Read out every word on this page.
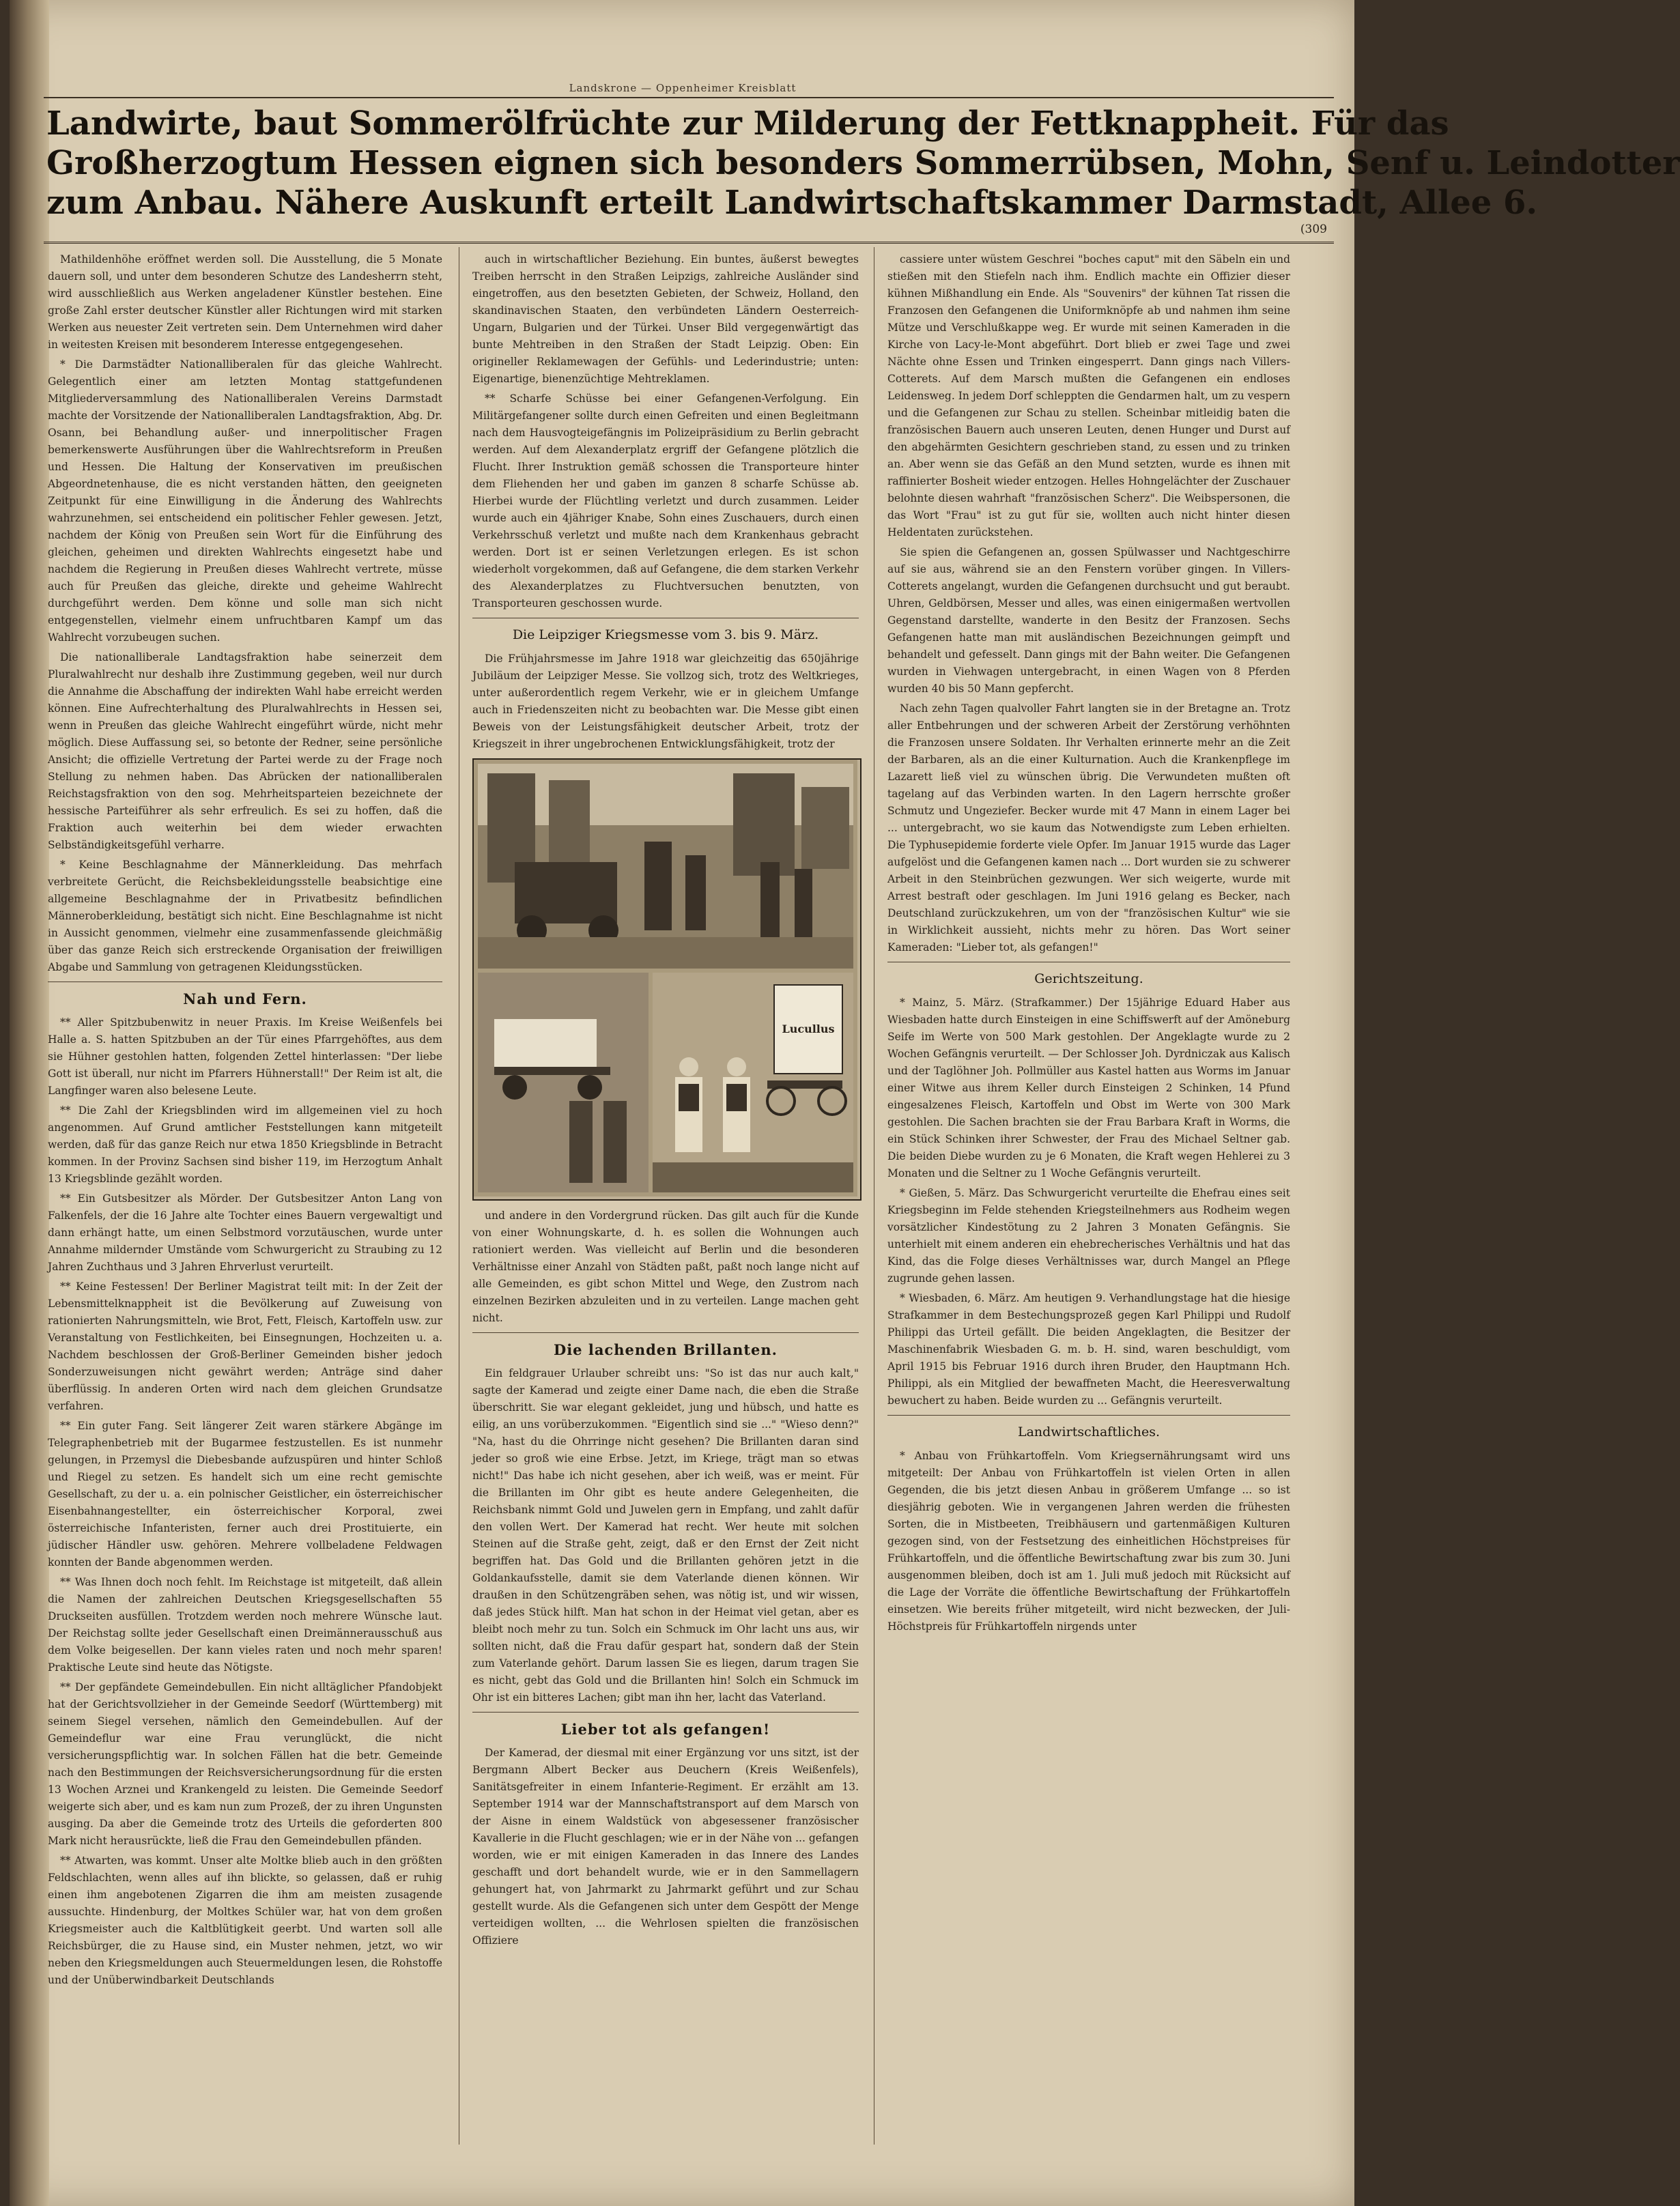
Landskrone — Oppenheimer Kreisblatt
Landwirte, baut Sommerölfrüchte zur Milderung der Fettknappheit. Für das
Großherzogtum Hessen eignen sich besonders Sommerrübsen, Mohn, Senf u. Leindotter
zum Anbau. Nähere Auskunft erteilt Landwirtschaftskammer Darmstadt, Allee 6.
(309

Mathildenhöhe eröffnet werden soll. Die Ausstellung, die 5 Monate dauern soll, und unter dem besonderen Schutze des Landesherrn steht, wird ausschließlich aus Werken angeladener Künstler bestehen. Eine große Zahl erster deutscher Künstler aller Richtungen wird mit starken Werken aus neuester Zeit vertreten sein. Dem Unternehmen wird daher in weitesten Kreisen mit besonderem Interesse entgegengesehen.

* Die Darmstädter Nationalliberalen für das gleiche Wahlrecht. Gelegentlich einer am letzten Montag stattgefundenen Mitgliederversammlung des Nationalliberalen Vereins Darmstadt machte der Vorsitzende der Nationalliberalen Landtagsfraktion, Abg. Dr. Osann, bei Behandlung außer- und innerpolitischer Fragen bemerkenswerte Ausführungen über die Wahlrechtsreform in Preußen und Hessen. Die Haltung der Konservativen im preußischen Abgeordnetenhause, die es nicht verstanden hätten, den geeigneten Zeitpunkt für eine Einwilligung in die Änderung des Wahlrechts wahrzunehmen, sei entscheidend ein politischer Fehler gewesen. Jetzt, nachdem der König von Preußen sein Wort für die Einführung des gleichen, geheimen und direkten Wahlrechts eingesetzt habe und nachdem die Regierung in Preußen dieses Wahlrecht vertrete, müsse auch für Preußen das gleiche, direkte und geheime Wahlrecht durchgeführt werden. Dem könne und solle man sich nicht entgegenstellen, vielmehr einem unfruchtbaren Kampf um das Wahlrecht vorzubeugen suchen.

Die nationalliberale Landtagsfraktion habe seinerzeit dem Pluralwahlrecht nur deshalb ihre Zustimmung gegeben, weil nur durch die Annahme die Abschaffung der indirekten Wahl habe erreicht werden können. Eine Aufrechterhaltung des Pluralwahlrechts in Hessen sei, wenn in Preußen das gleiche Wahlrecht eingeführt würde, nicht mehr möglich. Diese Auffassung sei, so betonte der Redner, seine persönliche Ansicht; die offizielle Vertretung der Partei werde zu der Frage noch Stellung zu nehmen haben. Das Abrücken der nationalliberalen Reichstagsfraktion von den sog. Mehrheitsparteien bezeichnete der hessische Parteiführer als sehr erfreulich. Es sei zu hoffen, daß die Fraktion auch weiterhin bei dem wieder erwachten Selbständigkeitsgefühl verharre.

* Keine Beschlagnahme der Männerkleidung. Das mehrfach verbreitete Gerücht, die Reichsbekleidungsstelle beabsichtige eine allgemeine Beschlagnahme der in Privatbesitz befindlichen Männeroberkleidung, bestätigt sich nicht. Eine Beschlagnahme ist nicht in Aussicht genommen, vielmehr eine zusammenfassende gleichmäßig über das ganze Reich sich erstreckende Organisation der freiwilligen Abgabe und Sammlung von getragenen Kleidungsstücken.

Nah und Fern.

** Aller Spitzbubenwitz in neuer Praxis. Im Kreise Weißenfels bei Halle a. S. hatten Spitzbuben an der Tür eines Pfarrgehöftes, aus dem sie Hühner gestohlen hatten, folgenden Zettel hinterlassen: "Der liebe Gott ist überall, nur nicht im Pfarrers Hühnerstall!" Der Reim ist alt, die Langfinger waren also belesene Leute.

** Die Zahl der Kriegsblinden wird im allgemeinen viel zu hoch angenommen. Auf Grund amtlicher Feststellungen kann mitgeteilt werden, daß für das ganze Reich nur etwa 1850 Kriegsblinde in Betracht kommen. In der Provinz Sachsen sind bisher 119, im Herzogtum Anhalt 13 Kriegsblinde gezählt worden.

** Ein Gutsbesitzer als Mörder. Der Gutsbesitzer Anton Lang von Falkenfels, der die 16 Jahre alte Tochter eines Bauern vergewaltigt und dann erhängt hatte, um einen Selbstmord vorzutäuschen, wurde unter Annahme mildernder Umstände vom Schwurgericht zu Straubing zu 12 Jahren Zuchthaus und 3 Jahren Ehrverlust verurteilt.

** Keine Festessen! Der Berliner Magistrat teilt mit: In der Zeit der Lebensmittelknappheit ist die Bevölkerung auf Zuweisung von rationierten Nahrungsmitteln, wie Brot, Fett, Fleisch, Kartoffeln usw. zur Veranstaltung von Festlichkeiten, bei Einsegnungen, Hochzeiten u. a. Nachdem beschlossen der Groß-Berliner Gemeinden bisher jedoch Sonderzuweisungen nicht gewährt werden; Anträge sind daher überflüssig. In anderen Orten wird nach dem gleichen Grundsatze verfahren.

** Ein guter Fang. Seit längerer Zeit waren stärkere Abgänge im Telegraphenbetrieb mit der Bugarmee festzustellen. Es ist nunmehr gelungen, in Przemysl die Diebesbande aufzuspüren und hinter Schloß und Riegel zu setzen. Es handelt sich um eine recht gemischte Gesellschaft, zu der u. a. ein polnischer Geistlicher, ein österreichischer Eisenbahnangestellter, ein österreichischer Korporal, zwei österreichische Infanteristen, ferner auch drei Prostituierte, ein jüdischer Händler usw. gehören. Mehrere vollbeladene Feldwagen konnten der Bande abgenommen werden.

** Was Ihnen doch noch fehlt. Im Reichstage ist mitgeteilt, daß allein die Namen der zahlreichen Deutschen Kriegsgesellschaften 55 Druckseiten ausfüllen. Trotzdem werden noch mehrere Wünsche laut. Der Reichstag sollte jeder Gesellschaft einen Dreimännerausschuß aus dem Volke beigesellen. Der kann vieles raten und noch mehr sparen! Praktische Leute sind heute das Nötigste.

** Der gepfändete Gemeindebullen. Ein nicht alltäglicher Pfandobjekt hat der Gerichtsvollzieher in der Gemeinde Seedorf (Württemberg) mit seinem Siegel versehen, nämlich den Gemeindebullen. Auf der Gemeindeflur war eine Frau verunglückt, die nicht versicherungspflichtig war. In solchen Fällen hat die betr. Gemeinde nach den Bestimmungen der Reichsversicherungsordnung für die ersten 13 Wochen Arznei und Krankengeld zu leisten. Die Gemeinde Seedorf weigerte sich aber, und es kam nun zum Prozeß, der zu ihren Ungunsten ausging. Da aber die Gemeinde trotz des Urteils die geforderten 800 Mark nicht herausrückte, ließ die Frau den Gemeindebullen pfänden.

** Atwarten, was kommt. Unser alte Moltke blieb auch in den größten Feldschlachten, wenn alles auf ihn blickte, so gelassen, daß er ruhig einen ihm angebotenen Zigarren die ihm am meisten zusagende aussuchte. Hindenburg, der Moltkes Schüler war, hat von dem großen Kriegsmeister auch die Kaltblütigkeit geerbt. Und warten soll alle Reichsbürger, die zu Hause sind, ein Muster nehmen, jetzt, wo wir neben den Kriegsmeldungen auch Steuermeldungen lesen, die Rohstoffe und der Unüberwindbarkeit Deutschlands

auch in wirtschaftlicher Beziehung. Ein buntes, äußerst bewegtes Treiben herrscht in den Straßen Leipzigs, zahlreiche Ausländer sind eingetroffen, aus den besetzten Gebieten, der Schweiz, Holland, den skandinavischen Staaten, den verbündeten Ländern Oesterreich-Ungarn, Bulgarien und der Türkei. Unser Bild vergegenwärtigt das bunte Mehtreiben in den Straßen der Stadt Leipzig. Oben: Ein origineller Reklamewagen der Gefühls- und Lederindustrie; unten: Eigenartige, bienenzüchtige Mehtreklamen.

** Scharfe Schüsse bei einer Gefangenen-Verfolgung. Ein Militärgefangener sollte durch einen Gefreiten und einen Begleitmann nach dem Hausvogteigefängnis im Polizeipräsidium zu Berlin gebracht werden. Auf dem Alexanderplatz ergriff der Gefangene plötzlich die Flucht. Ihrer Instruktion gemäß schossen die Transporteure hinter dem Fliehenden her und gaben im ganzen 8 scharfe Schüsse ab. Hierbei wurde der Flüchtling verletzt und durch zusammen. Leider wurde auch ein 4jähriger Knabe, Sohn eines Zuschauers, durch einen Verkehrsschuß verletzt und mußte nach dem Krankenhaus gebracht werden. Dort ist er seinen Verletzungen erlegen. Es ist schon wiederholt vorgekommen, daß auf Gefangene, die dem starken Verkehr des Alexanderplatzes zu Fluchtversuchen benutzten, von Transporteuren geschossen wurde.

Die Leipziger Kriegsmesse vom 3. bis 9. März.

Die Frühjahrsmesse im Jahre 1918 war gleichzeitig das 650jährige Jubiläum der Leipziger Messe. Sie vollzog sich, trotz des Weltkrieges, unter außerordentlich regem Verkehr, wie er in gleichem Umfange auch in Friedenszeiten nicht zu beobachten war. Die Messe gibt einen Beweis von der Leistungsfähigkeit deutscher Arbeit, trotz der Kriegszeit in ihrer ungebrochenen Entwicklungsfähigkeit, trotz der

Lucullus

und andere in den Vordergrund rücken. Das gilt auch für die Kunde von einer Wohnungskarte, d. h. es sollen die Wohnungen auch rationiert werden. Was vielleicht auf Berlin und die besonderen Verhältnisse einer Anzahl von Städten paßt, paßt noch lange nicht auf alle Gemeinden, es gibt schon Mittel und Wege, den Zustrom nach einzelnen Bezirken abzuleiten und in zu verteilen. Lange machen geht nicht.

Die lachenden Brillanten.

Ein feldgrauer Urlauber schreibt uns: "So ist das nur auch kalt," sagte der Kamerad und zeigte einer Dame nach, die eben die Straße überschritt. Sie war elegant gekleidet, jung und hübsch, und hatte es eilig, an uns vorüberzukommen. "Eigentlich sind sie ..." "Wieso denn?" "Na, hast du die Ohrringe nicht gesehen? Die Brillanten daran sind jeder so groß wie eine Erbse. Jetzt, im Kriege, trägt man so etwas nicht!" Das habe ich nicht gesehen, aber ich weiß, was er meint. Für die Brillanten im Ohr gibt es heute andere Gelegenheiten, die Reichsbank nimmt Gold und Juwelen gern in Empfang, und zahlt dafür den vollen Wert. Der Kamerad hat recht. Wer heute mit solchen Steinen auf die Straße geht, zeigt, daß er den Ernst der Zeit nicht begriffen hat. Das Gold und die Brillanten gehören jetzt in die Goldankaufsstelle, damit sie dem Vaterlande dienen können. Wir draußen in den Schützengräben sehen, was nötig ist, und wir wissen, daß jedes Stück hilft. Man hat schon in der Heimat viel getan, aber es bleibt noch mehr zu tun. Solch ein Schmuck im Ohr lacht uns aus, wir sollten nicht, daß die Frau dafür gespart hat, sondern daß der Stein zum Vaterlande gehört. Darum lassen Sie es liegen, darum tragen Sie es nicht, gebt das Gold und die Brillanten hin! Solch ein Schmuck im Ohr ist ein bitteres Lachen; gibt man ihn her, lacht das Vaterland.

Lieber tot als gefangen!

Der Kamerad, der diesmal mit einer Ergänzung vor uns sitzt, ist der Bergmann Albert Becker aus Deuchern (Kreis Weißenfels), Sanitätsgefreiter in einem Infanterie-Regiment. Er erzählt am 13. September 1914 war der Mannschaftstransport auf dem Marsch von der Aisne in einem Waldstück von abgesessener französischer Kavallerie in die Flucht geschlagen; wie er in der Nähe von ... gefangen worden, wie er mit einigen Kameraden in das Innere des Landes geschafft und dort behandelt wurde, wie er in den Sammellagern gehungert hat, von Jahrmarkt zu Jahrmarkt geführt und zur Schau gestellt wurde. Als die Gefangenen sich unter dem Gespött der Menge verteidigen wollten, ... die Wehrlosen spielten die französischen Offiziere

cassiere unter wüstem Geschrei "boches caput" mit den Säbeln ein und stießen mit den Stiefeln nach ihm. Endlich machte ein Offizier dieser kühnen Mißhandlung ein Ende. Als "Souvenirs" der kühnen Tat rissen die Franzosen den Gefangenen die Uniformknöpfe ab und nahmen ihm seine Mütze und Verschlußkappe weg. Er wurde mit seinen Kameraden in die Kirche von Lacy-le-Mont abgeführt. Dort blieb er zwei Tage und zwei Nächte ohne Essen und Trinken eingesperrt. Dann gings nach Villers-Cotterets. Auf dem Marsch mußten die Gefangenen ein endloses Leidensweg. In jedem Dorf schleppten die Gendarmen halt, um zu vespern und die Gefangenen zur Schau zu stellen. Scheinbar mitleidig baten die französischen Bauern auch unseren Leuten, denen Hunger und Durst auf den abgehärmten Gesichtern geschrieben stand, zu essen und zu trinken an. Aber wenn sie das Gefäß an den Mund setzten, wurde es ihnen mit raffinierter Bosheit wieder entzogen. Helles Hohngelächter der Zuschauer belohnte diesen wahrhaft "französischen Scherz". Die Weibspersonen, die das Wort "Frau" ist zu gut für sie, wollten auch nicht hinter diesen Heldentaten zurückstehen.

Sie spien die Gefangenen an, gossen Spülwasser und Nachtgeschirre auf sie aus, während sie an den Fenstern vorüber gingen. In Villers-Cotterets angelangt, wurden die Gefangenen durchsucht und gut beraubt. Uhren, Geldbörsen, Messer und alles, was einen einigermaßen wertvollen Gegenstand darstellte, wanderte in den Besitz der Franzosen. Sechs Gefangenen hatte man mit ausländischen Bezeichnungen geimpft und behandelt und gefesselt. Dann gings mit der Bahn weiter. Die Gefangenen wurden in Viehwagen untergebracht, in einen Wagen von 8 Pferden wurden 40 bis 50 Mann gepfercht.

Nach zehn Tagen qualvoller Fahrt langten sie in der Bretagne an. Trotz aller Entbehrungen und der schweren Arbeit der Zerstörung verhöhnten die Franzosen unsere Soldaten. Ihr Verhalten erinnerte mehr an die Zeit der Barbaren, als an die einer Kulturnation. Auch die Krankenpflege im Lazarett ließ viel zu wünschen übrig. Die Verwundeten mußten oft tagelang auf das Verbinden warten. In den Lagern herrschte großer Schmutz und Ungeziefer. Becker wurde mit 47 Mann in einem Lager bei ... untergebracht, wo sie kaum das Notwendigste zum Leben erhielten. Die Typhusepidemie forderte viele Opfer. Im Januar 1915 wurde das Lager aufgelöst und die Gefangenen kamen nach ... Dort wurden sie zu schwerer Arbeit in den Steinbrüchen gezwungen. Wer sich weigerte, wurde mit Arrest bestraft oder geschlagen. Im Juni 1916 gelang es Becker, nach Deutschland zurückzukehren, um von der "französischen Kultur" wie sie in Wirklichkeit aussieht, nichts mehr zu hören. Das Wort seiner Kameraden: "Lieber tot, als gefangen!"

Gerichtszeitung.

* Mainz, 5. März. (Strafkammer.) Der 15jährige Eduard Haber aus Wiesbaden hatte durch Einsteigen in eine Schiffswerft auf der Amöneburg Seife im Werte von 500 Mark gestohlen. Der Angeklagte wurde zu 2 Wochen Gefängnis verurteilt. — Der Schlosser Joh. Dyrdniczak aus Kalisch und der Taglöhner Joh. Pollmüller aus Kastel hatten aus Worms im Januar einer Witwe aus ihrem Keller durch Einsteigen 2 Schinken, 14 Pfund eingesalzenes Fleisch, Kartoffeln und Obst im Werte von 300 Mark gestohlen. Die Sachen brachten sie der Frau Barbara Kraft in Worms, die ein Stück Schinken ihrer Schwester, der Frau des Michael Seltner gab. Die beiden Diebe wurden zu je 6 Monaten, die Kraft wegen Hehlerei zu 3 Monaten und die Seltner zu 1 Woche Gefängnis verurteilt.

* Gießen, 5. März. Das Schwurgericht verurteilte die Ehefrau eines seit Kriegsbeginn im Felde stehenden Kriegsteilnehmers aus Rodheim wegen vorsätzlicher Kindestötung zu 2 Jahren 3 Monaten Gefängnis. Sie unterhielt mit einem anderen ein ehebrecherisches Verhältnis und hat das Kind, das die Folge dieses Verhältnisses war, durch Mangel an Pflege zugrunde gehen lassen.

* Wiesbaden, 6. März. Am heutigen 9. Verhandlungstage hat die hiesige Strafkammer in dem Bestechungsprozeß gegen Karl Philippi und Rudolf Philippi das Urteil gefällt. Die beiden Angeklagten, die Besitzer der Maschinenfabrik Wiesbaden G. m. b. H. sind, waren beschuldigt, vom April 1915 bis Februar 1916 durch ihren Bruder, den Hauptmann Hch. Philippi, als ein Mitglied der bewaffneten Macht, die Heeresverwaltung bewuchert zu haben. Beide wurden zu ... Gefängnis verurteilt.

Landwirtschaftliches.

* Anbau von Frühkartoffeln. Vom Kriegsernährungsamt wird uns mitgeteilt: Der Anbau von Frühkartoffeln ist vielen Orten in allen Gegenden, die bis jetzt diesen Anbau in größerem Umfange ... so ist diesjährig geboten. Wie in vergangenen Jahren werden die frühesten Sorten, die in Mistbeeten, Treibhäusern und gartenmäßigen Kulturen gezogen sind, von der Festsetzung des einheitlichen Höchstpreises für Frühkartoffeln, und die öffentliche Bewirtschaftung zwar bis zum 30. Juni ausgenommen bleiben, doch ist am 1. Juli muß jedoch mit Rücksicht auf die Lage der Vorräte die öffentliche Bewirtschaftung der Frühkartoffeln einsetzen. Wie bereits früher mitgeteilt, wird nicht bezwecken, der Juli-Höchstpreis für Frühkartoffeln nirgends unter
